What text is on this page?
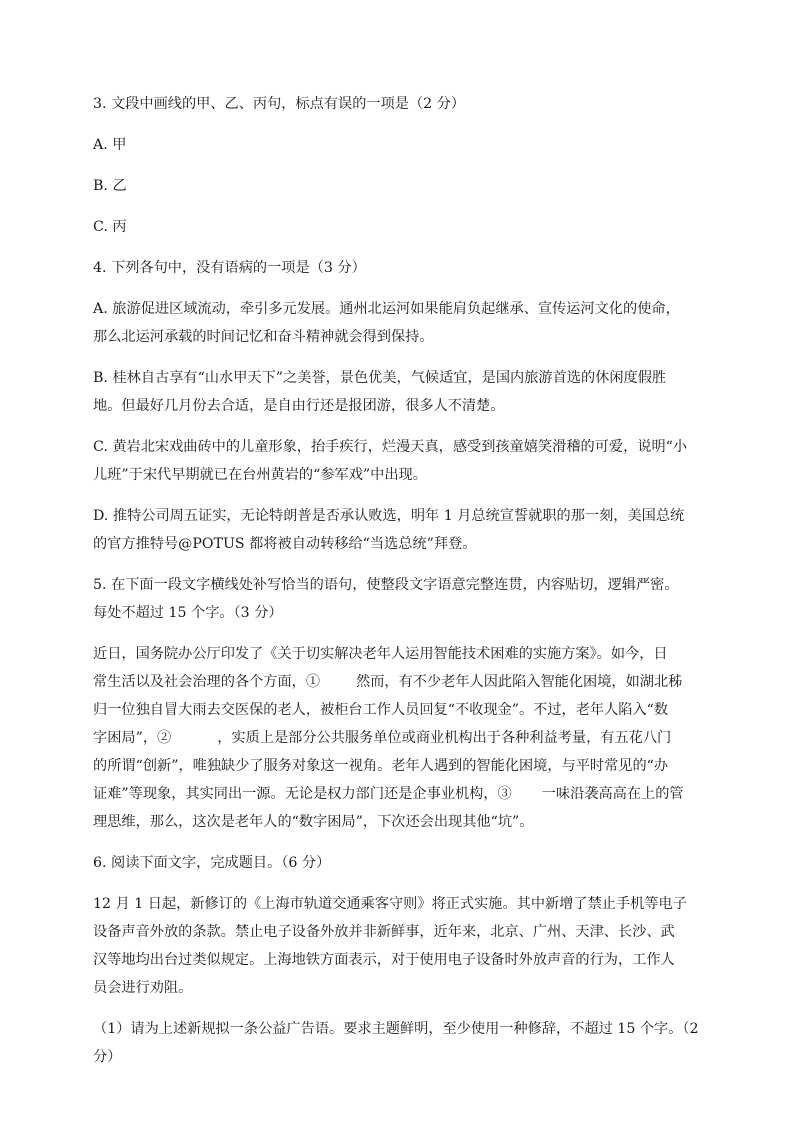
3. 文段中画线的甲、乙、丙句，标点有误的一项是（2 分）
A. 甲
B. 乙
C. 丙
4. 下列各句中，没有语病的一项是（3 分）
A. 旅游促进区域流动，牵引多元发展。通州北运河如果能肩负起继承、宣传运河文化的使命，
那么北运河承载的时间记忆和奋斗精神就会得到保持。
B. 桂林自古享有“山水甲天下”之美誉，景色优美，气候适宜，是国内旅游首选的休闲度假胜
地。但最好几月份去合适，是自由行还是报团游，很多人不清楚。
C. 黄岩北宋戏曲砖中的儿童形象，抬手疾行，烂漫天真，感受到孩童嬉笑滑稽的可爱，说明“小
儿班”于宋代早期就已在台州黄岩的“参军戏”中出现。
D. 推特公司周五证实，无论特朗普是否承认败选，明年 1 月总统宣誓就职的那一刻，美国总统
的官方推特号@POTUS 都将被自动转移给“当选总统”拜登。
5. 在下面一段文字横线处补写恰当的语句，使整段文字语意完整连贯，内容贴切，逻辑严密。
每处不超过 15 个字。（3 分）
近日，国务院办公厅印发了《关于切实解决老年人运用智能技术困难的实施方案》。如今，日
常生活以及社会治理的各个方面，①	然而，有不少老年人因此陷入智能化困境，如湖北秭
归一位独自冒大雨去交医保的老人，被柜台工作人员回复“不收现金”。不过，老年人陷入“数
字困局”，②	，实质上是部分公共服务单位或商业机构出于各种利益考量，有五花八门
的所谓“创新”，唯独缺少了服务对象这一视角。老年人遇到的智能化困境，与平时常见的“办
证难”等现象，其实同出一源。无论是权力部门还是企事业机构，③ 一味沿袭高高在上的管
理思维，那么，这次是老年人的“数字困局”，下次还会出现其他“坑”。
6. 阅读下面文字，完成题目。（6 分）
12 月 1 日起，新修订的《上海市轨道交通乘客守则》将正式实施。其中新增了禁止手机等电子
设备声音外放的条款。禁止电子设备外放并非新鲜事，近年来，北京、广州、天津、长沙、武
汉等地均出台过类似规定。上海地铁方面表示，对于使用电子设备时外放声音的行为，工作人
员会进行劝阻。
（1）请为上述新规拟一条公益广告语。要求主题鲜明，至少使用一种修辞，不超过 15 个字。（2
分）
